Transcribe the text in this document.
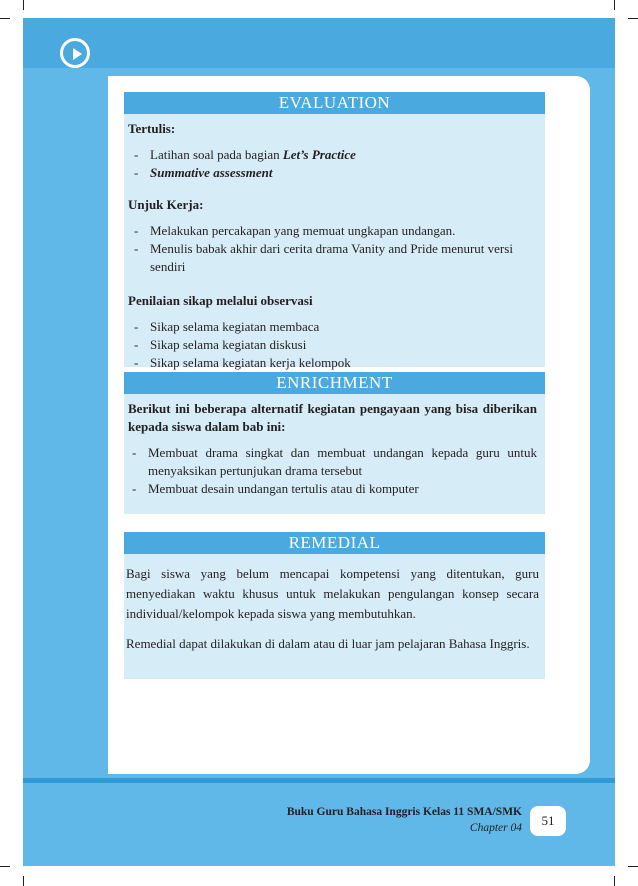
EVALUATION

Tertulis:

- Latihan soal pada bagian Let’s Practice
- Summative assessment

Unjuk Kerja:

- Melakukan percakapan yang memuat ungkapan undangan.
- Menulis babak akhir dari cerita drama Vanity and Pride menurut versi sendiri

Penilaian sikap melalui observasi

- Sikap selama kegiatan membaca
- Sikap selama kegiatan diskusi
- Sikap selama kegiatan kerja kelompok
ENRICHMENT

Berikut ini beberapa alternatif kegiatan pengayaan yang bisa diberikan kepada siswa dalam bab ini:

- Membuat drama singkat dan membuat undangan kepada guru untuk menyaksikan pertunjukan drama tersebut
- Membuat desain undangan tertulis atau di komputer
REMEDIAL

Bagi siswa yang belum mencapai kompetensi yang ditentukan, guru menyediakan waktu khusus untuk melakukan pengulangan konsep secara individual/kelompok kepada siswa yang membutuhkan.

Remedial dapat dilakukan di dalam atau di luar jam pelajaran Bahasa Inggris.

Buku Guru Bahasa Inggris Kelas 11 SMA/SMK
Chapter 04	51
